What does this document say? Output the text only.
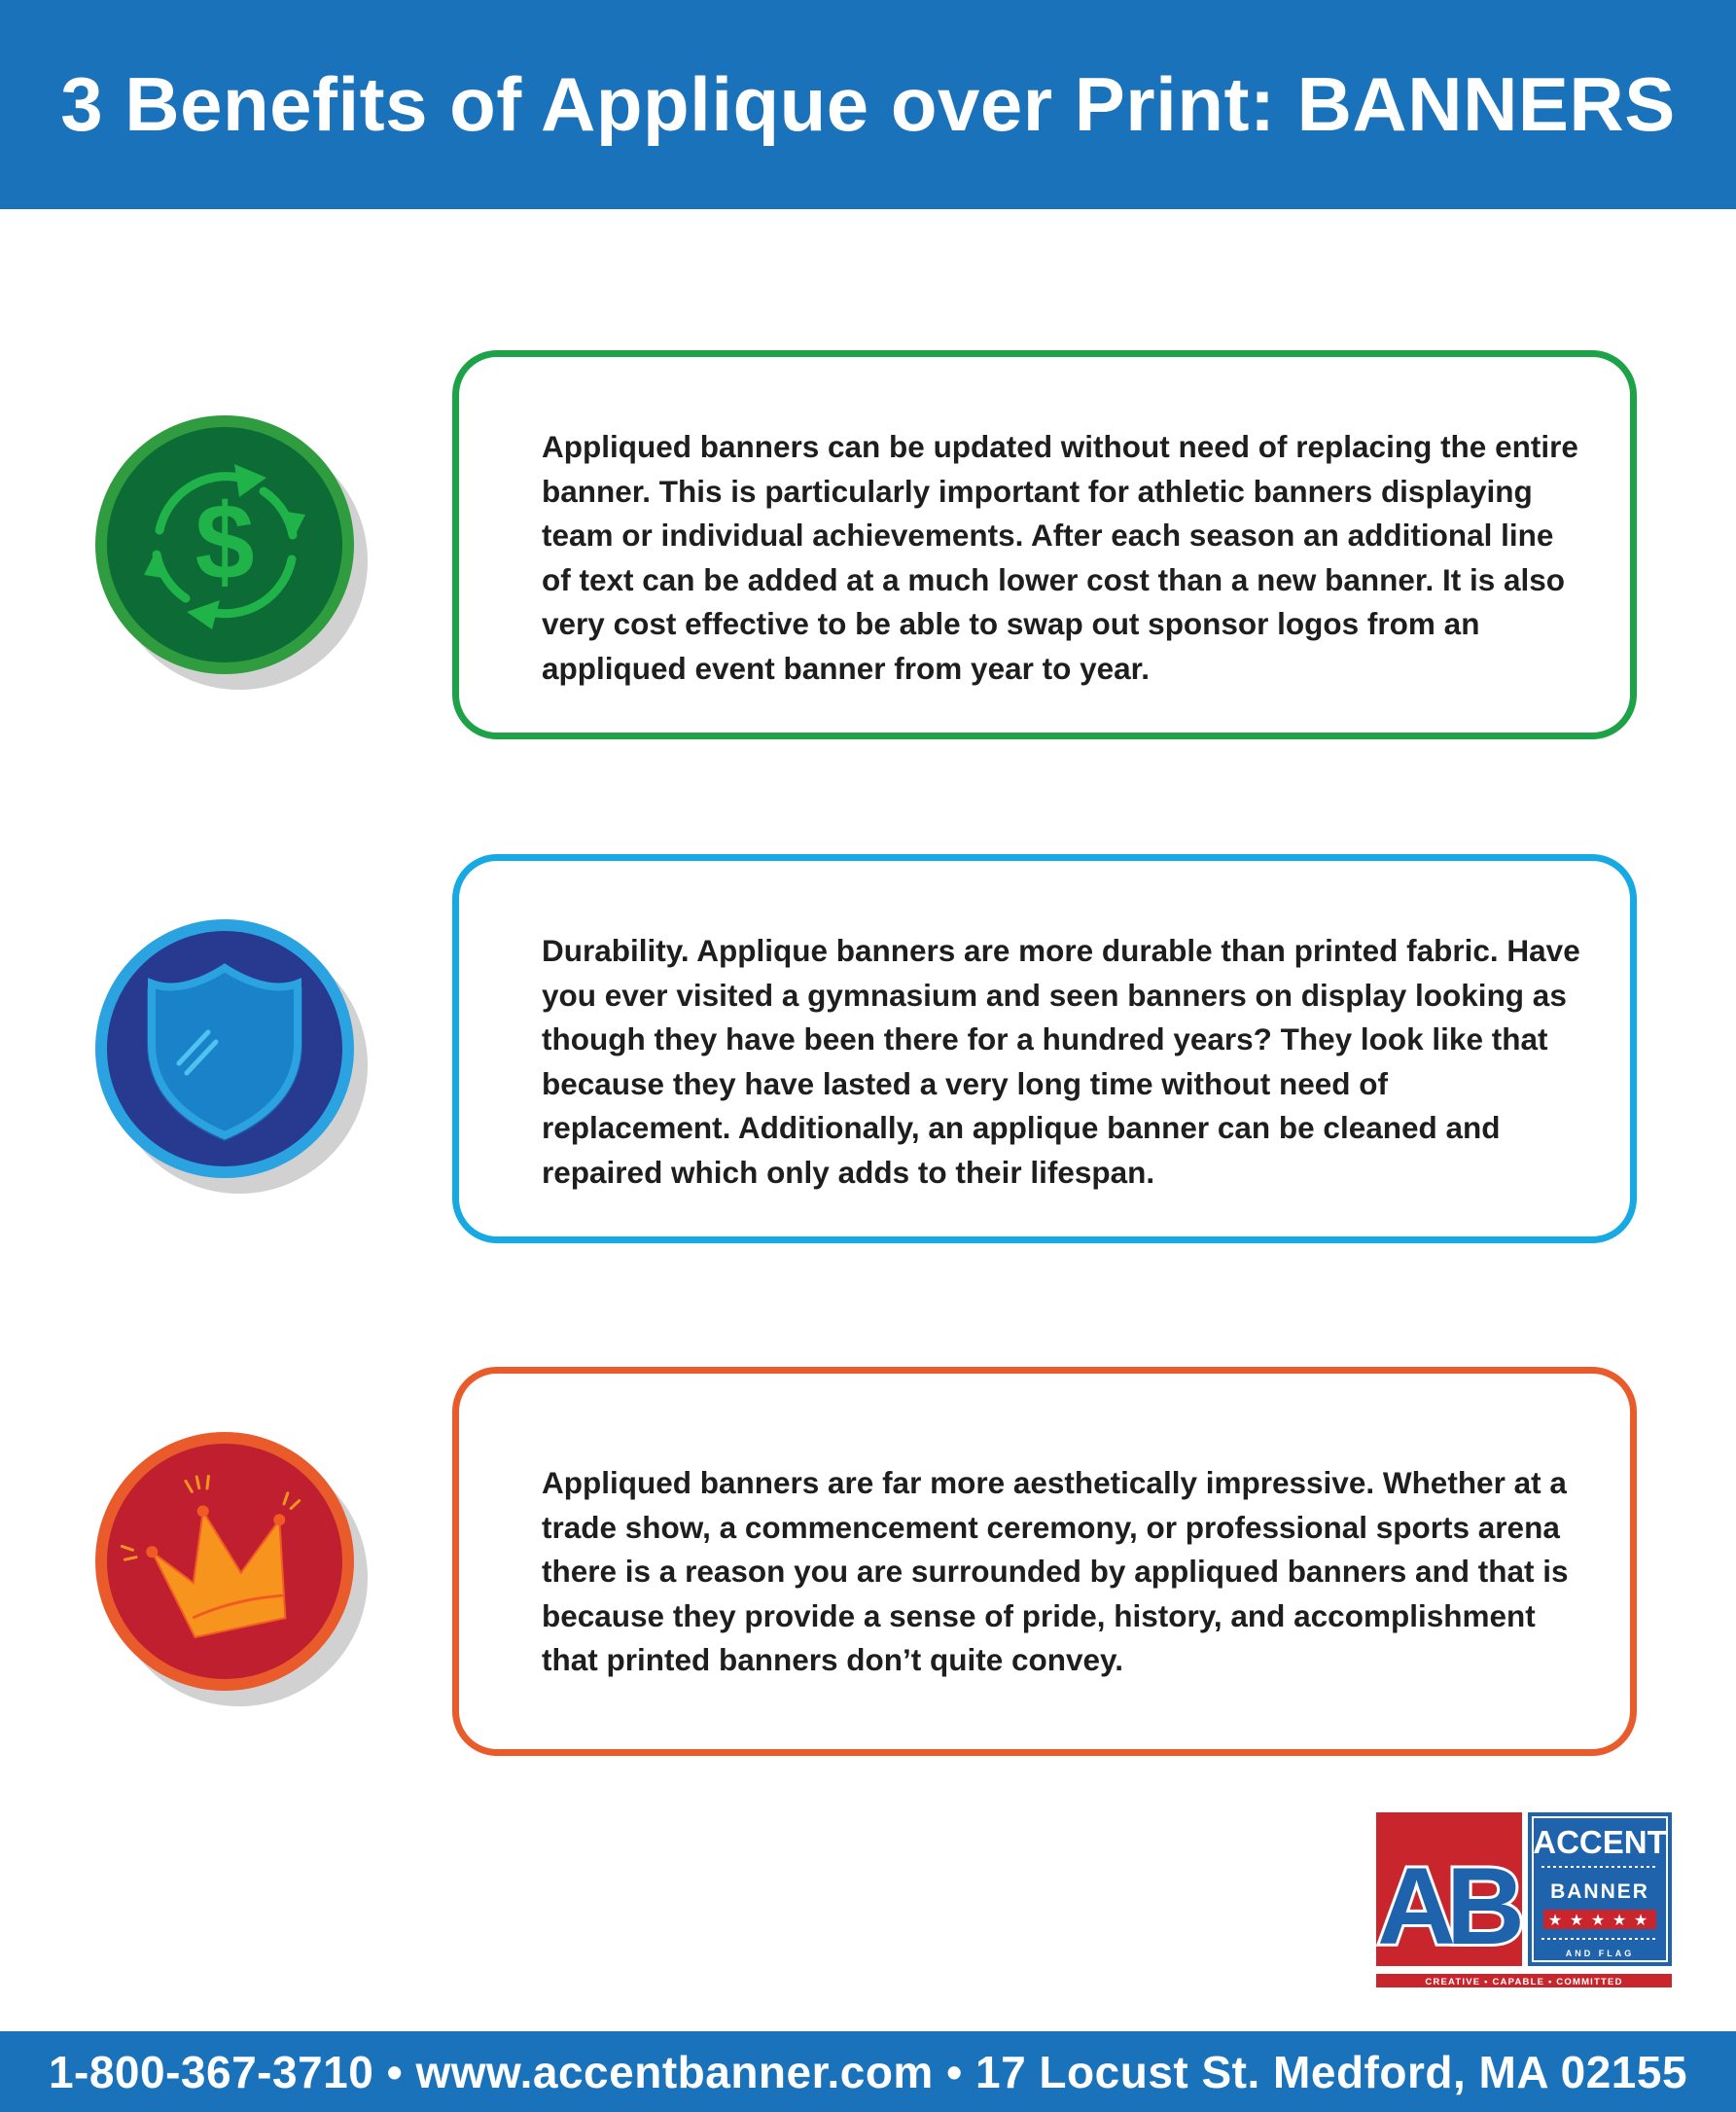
3 Benefits of Applique over Print: BANNERS
$

Appliqued banners can be updated without need of replacing the entire banner. This is particularly important for athletic banners displaying team or individual achievements. After each season an additional line of text can be added at a much lower cost than a new banner. It is also very cost effective to be able to swap out sponsor logos from an appliqued event banner from year to year.

Durability. Applique banners are more durable than printed fabric. Have you ever visited a gymnasium and seen banners on display looking as though they have been there for a hundred years? They look like that because they have lasted a very long time without need of replacement. Additionally, an applique banner can be cleaned and repaired which only adds to their lifespan.

Appliqued banners are far more aesthetically impressive. Whether at a trade show, a commencement ceremony, or professional sports arena there is a reason you are surrounded by appliqued banners and that is because they provide a sense of pride, history, and accomplishment that printed banners don’t quite convey.

AB
ACCENT
BANNER
★ ★ ★ ★ ★
AND FLAG
CREATIVE • CAPABLE • COMMITTED
1-800-367-3710 • www.accentbanner.com • 17 Locust St. Medford, MA 02155
